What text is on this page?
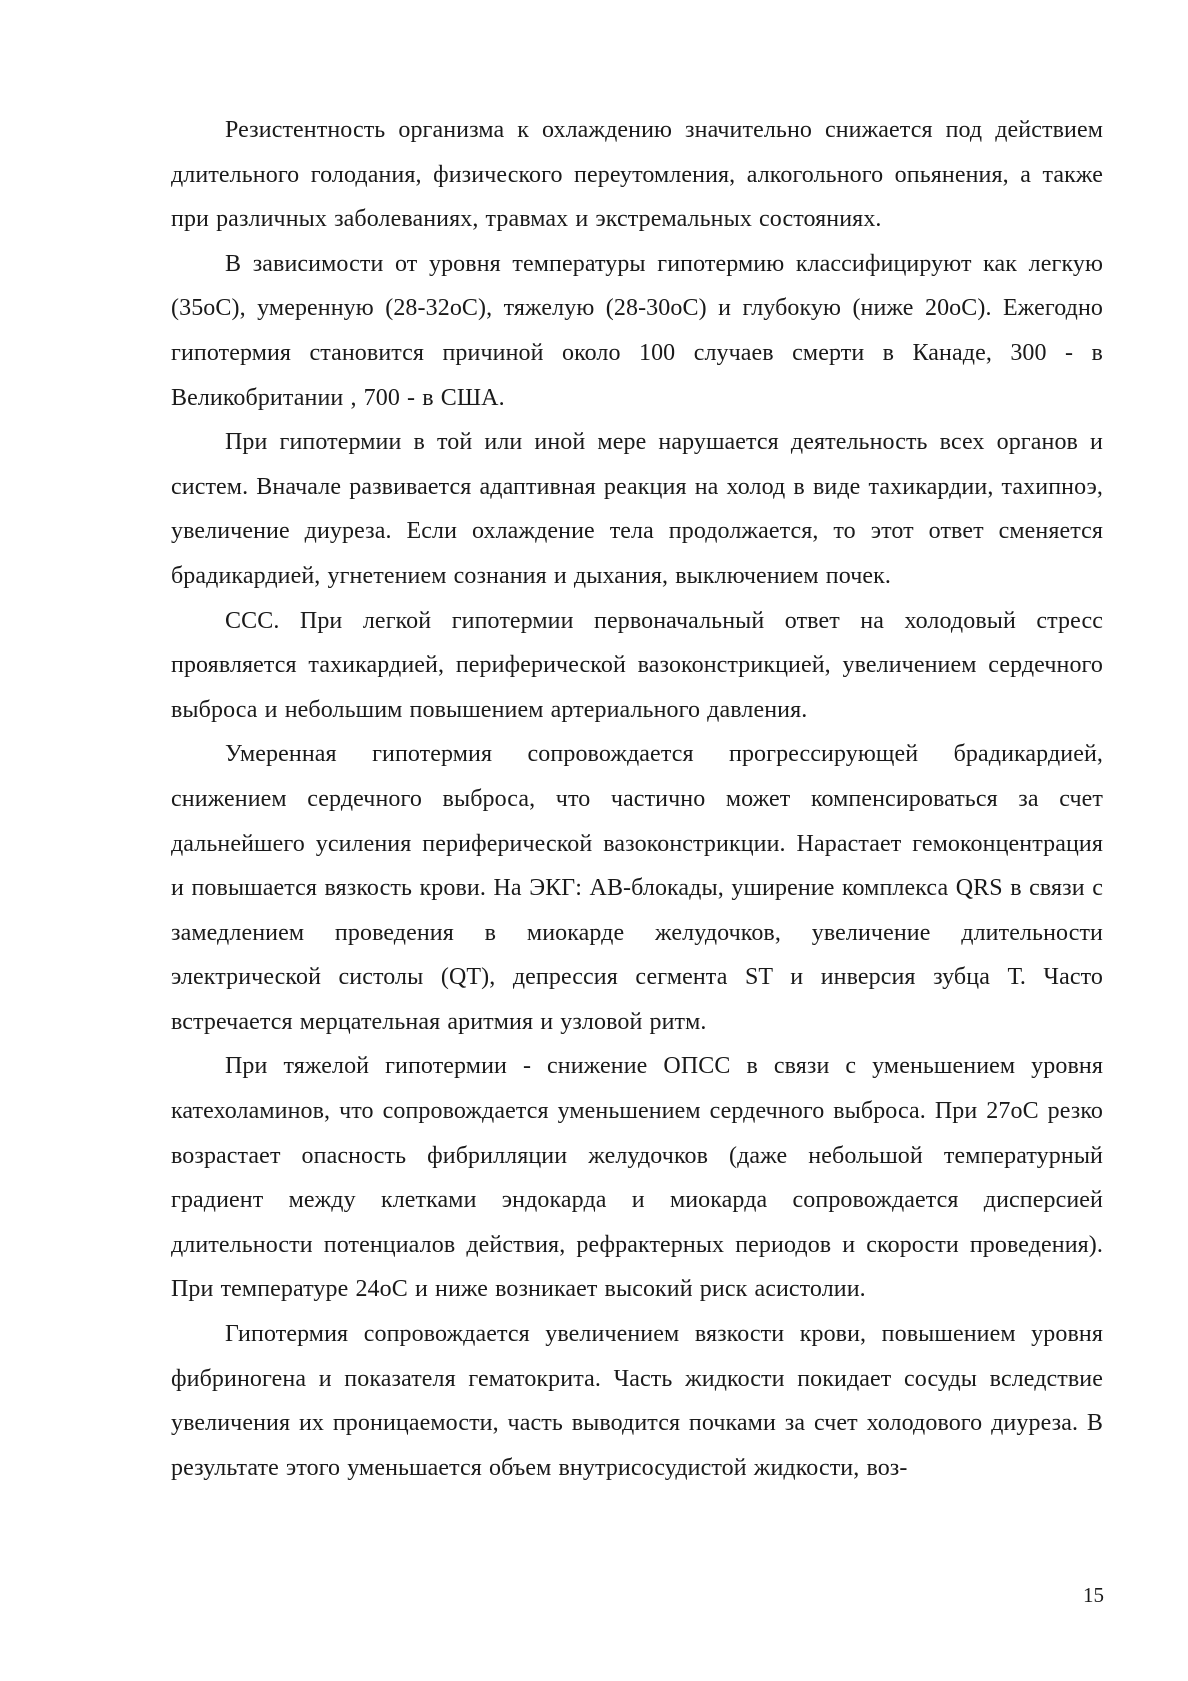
Резистентность организма к охлаждению значительно снижается под действием длительного голодания, физического переутомления, алкогольного опьянения, а также при различных заболеваниях, травмах и экстремальных состояниях.

В зависимости от уровня температуры гипотермию классифицируют как легкую (35oC), умеренную (28-32oC), тяжелую (28-30oC) и глубокую (ниже 20oC). Ежегодно гипотермия становится причиной около 100 случаев смерти в Канаде, 300 - в Великобритании , 700 - в США.

При гипотермии в той или иной мере нарушается деятельность всех органов и систем. Вначале развивается адаптивная реакция на холод в виде тахикардии, тахипноэ, увеличение диуреза. Если охлаждение тела продолжается, то этот ответ сменяется брадикардией, угнетением сознания и дыхания, выключением почек.

ССС. При легкой гипотермии первоначальный ответ на холодовый стресс проявляется тахикардией, периферической вазоконстрикцией, увеличением сердечного выброса и небольшим повышением артериального давления.

Умеренная гипотермия сопровождается прогрессирующей брадикардией, снижением сердечного выброса, что частично может компенсироваться за счет дальнейшего усиления периферической вазоконстрикции. Нарастает гемоконцентрация и повышается вязкость крови. На ЭКГ: АВ-блокады, уширение комплекса QRS в связи с замедлением проведения в миокарде желудочков, увеличение длительности электрической систолы (QT), депрессия сегмента ST и инверсия зубца Т. Часто встречается мерцательная аритмия и узловой ритм.

При тяжелой гипотермии - снижение ОПСС в связи с уменьшением уровня катехоламинов, что сопровождается уменьшением сердечного выброса. При 27oC резко возрастает опасность фибрилляции желудочков (даже небольшой температурный градиент между клетками эндокарда и миокарда сопровождается дисперсией длительности потенциалов действия, рефрактерных периодов и скорости проведения). При температуре 24oC и ниже возникает высокий риск асистолии.

Гипотермия сопровождается увеличением вязкости крови, повышением уровня фибриногена и показателя гематокрита. Часть жидкости покидает сосуды вследствие увеличения их проницаемости, часть выводится почками за счет холодового диуреза. В результате этого уменьшается объем внутрисосудистой жидкости, воз-

15
